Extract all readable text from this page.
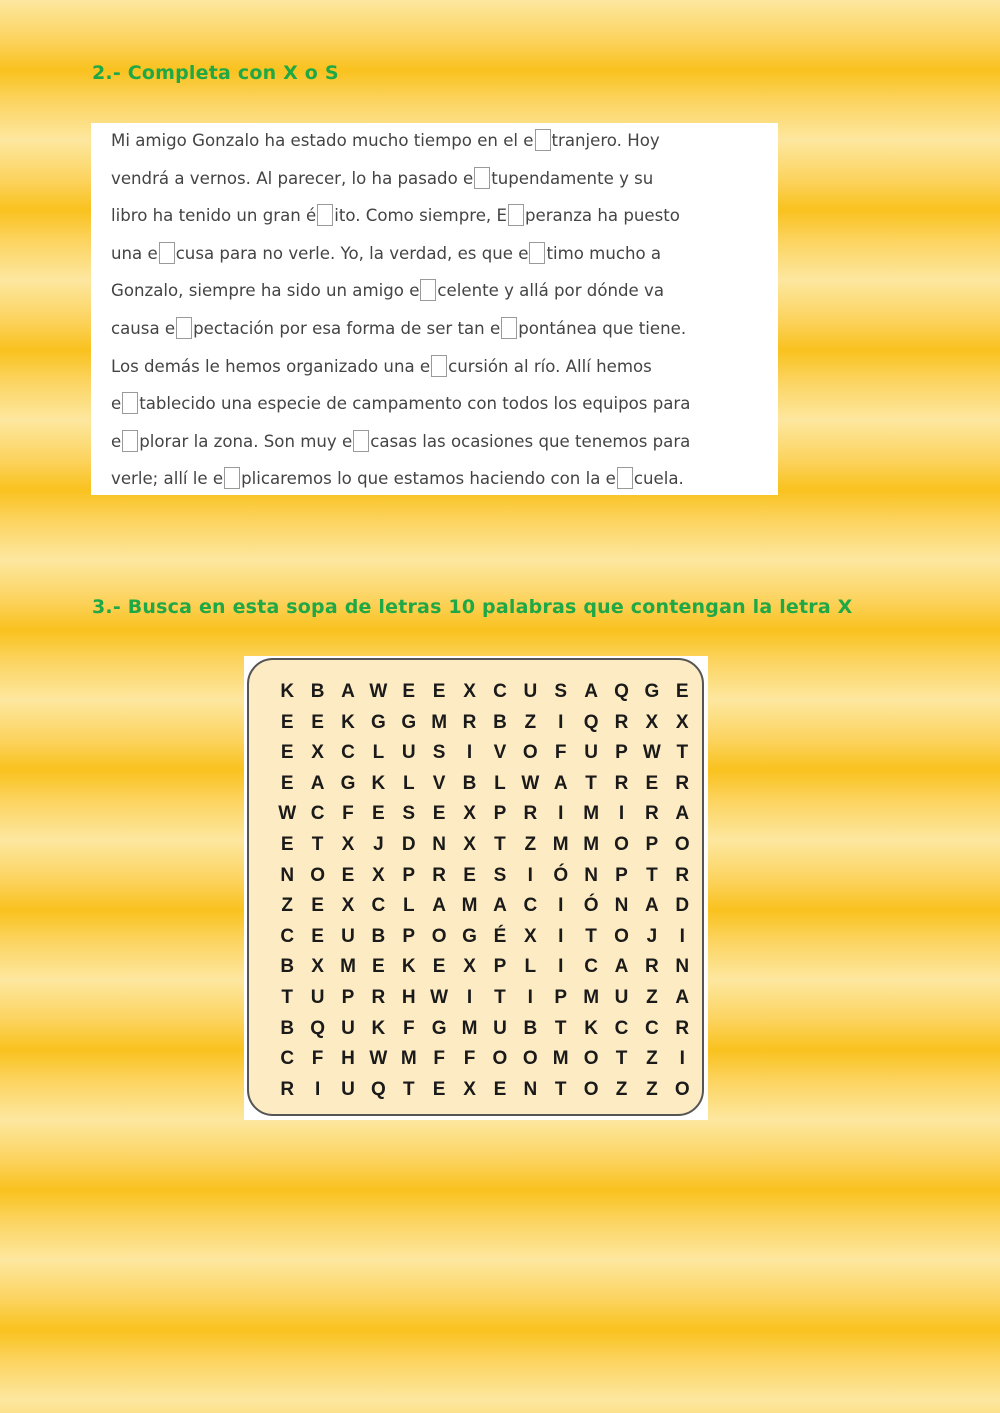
2.- Completa con X o S
Mi amigo Gonzalo ha estado mucho tiempo en el e tranjero. Hoy
vendrá a vernos. Al parecer, lo ha pasado e tupendamente y su
libro ha tenido un gran é ito. Como siempre, E peranza ha puesto
una e cusa para no verle. Yo, la verdad, es que e timo mucho a
Gonzalo, siempre ha sido un amigo e celente y allá por dónde va
causa e pectación por esa forma de ser tan e pontánea que tiene.
Los demás le hemos organizado una e cursión al río. Allí hemos
e tablecido una especie de campamento con todos los equipos para
e plorar la zona. Son muy e casas las ocasiones que tenemos para
verle; allí le e plicaremos lo que estamos haciendo con la e cuela.
3.- Busca en esta sopa de letras 10 palabras que contengan la letra X
K B A W E E X C U S A Q G E
E E K G G M R B Z	I	Q R X X
E X C L U S	I	V O F U P W T
E A G K L V B L W A T R E R
W C F E S E X P R	I	M	I	R A
E T X J D N X T Z M M O P O
N O E X P R E S	I	Ó N P T R
Z E X C L A M A C	I	Ó N A D
C E U B P O G É X	I	T O J	I
B X M E K E X P L	I	C A R N
T U P R H W I	T	I	P M U Z A
B Q U K F G M U B T K C C R
C F H W M F F O O M O T Z	I
R	I	U Q T E X E N T O Z Z O
